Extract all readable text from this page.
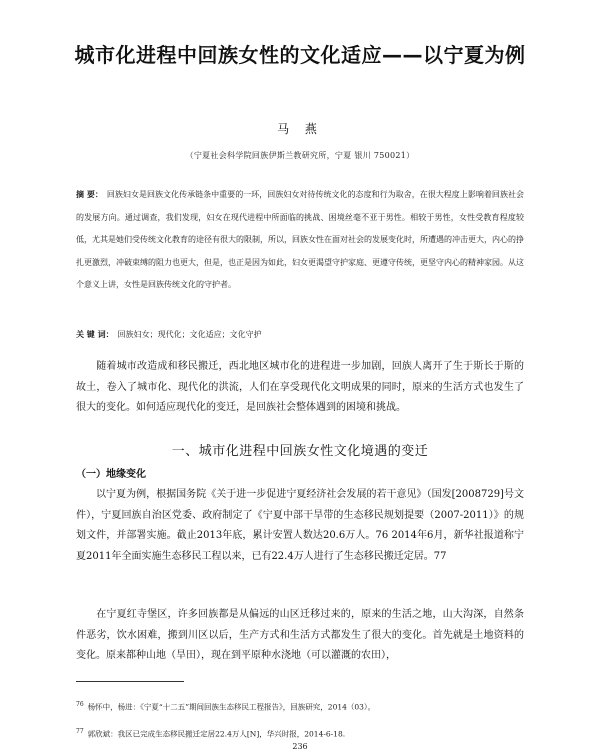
城市化进程中回族女性的文化适应——以宁夏为例
马 燕
（宁夏社会科学院回族伊斯兰教研究所，宁夏 银川 750021）
摘 要： 回族妇女是回族文化传承链条中重要的一环，回族妇女对待传统文化的态度和行为取舍，在很大程度上影响着回族社会的发展方向。通过调查，我们发现，妇女在现代进程中所面临的挑战、困境丝毫不亚于男性。相较于男性，女性受教育程度较低，尤其是她们受传统文化教育的途径有很大的限制，所以，回族女性在面对社会的发展变化时，所遭遇的冲击更大，内心的挣扎更激烈，冲破束缚的阻力也更大，但是，也正是因为如此，妇女更渴望守护家庭、更遵守传统，更坚守内心的精神家园。从这个意义上讲，女性是回族传统文化的守护者。
关 键 词： 回族妇女；现代化；文化适应；文化守护
随着城市改造成和移民搬迁，西北地区城市化的进程进一步加剧，回族人离开了生于斯长于斯的故土，卷入了城市化、现代化的洪流，人们在享受现代化文明成果的同时，原来的生活方式也发生了很大的变化。如何适应现代化的变迁，是回族社会整体遇到的困境和挑战。
一、城市化进程中回族女性文化境遇的变迁
（一）地缘变化
以宁夏为例，根据国务院《关于进一步促进宁夏经济社会发展的若干意见》（国发[2008729]号文件），宁夏回族自治区党委、政府制定了《宁夏中部干旱带的生态移民规划提要（2007-2011）》的规划文件，并部署实施。截止2013年底，累计安置人数达20.6万人。76 2014年6月，新华社报道称宁夏2011年全面实施生态移民工程以来，已有22.4万人进行了生态移民搬迁定居。77
在宁夏红寺堡区，许多回族都是从偏远的山区迁移过来的，原来的生活之地，山大沟深，自然条件恶劣，饮水困难，搬到川区以后，生产方式和生活方式都发生了很大的变化。首先就是土地资料的变化。原来都种山地（旱田），现在到平原种水浇地（可以灌溉的农田），
$^{76}$ 杨怀中，杨进：《宁夏“十二五”期间回族生态移民工程报告》，回族研究，2014（03）。
$^{77}$ 郭欣斌：我区已完成生态移民搬迁定居22.4万人[N]，华兴时报，2014-6-18.
236
